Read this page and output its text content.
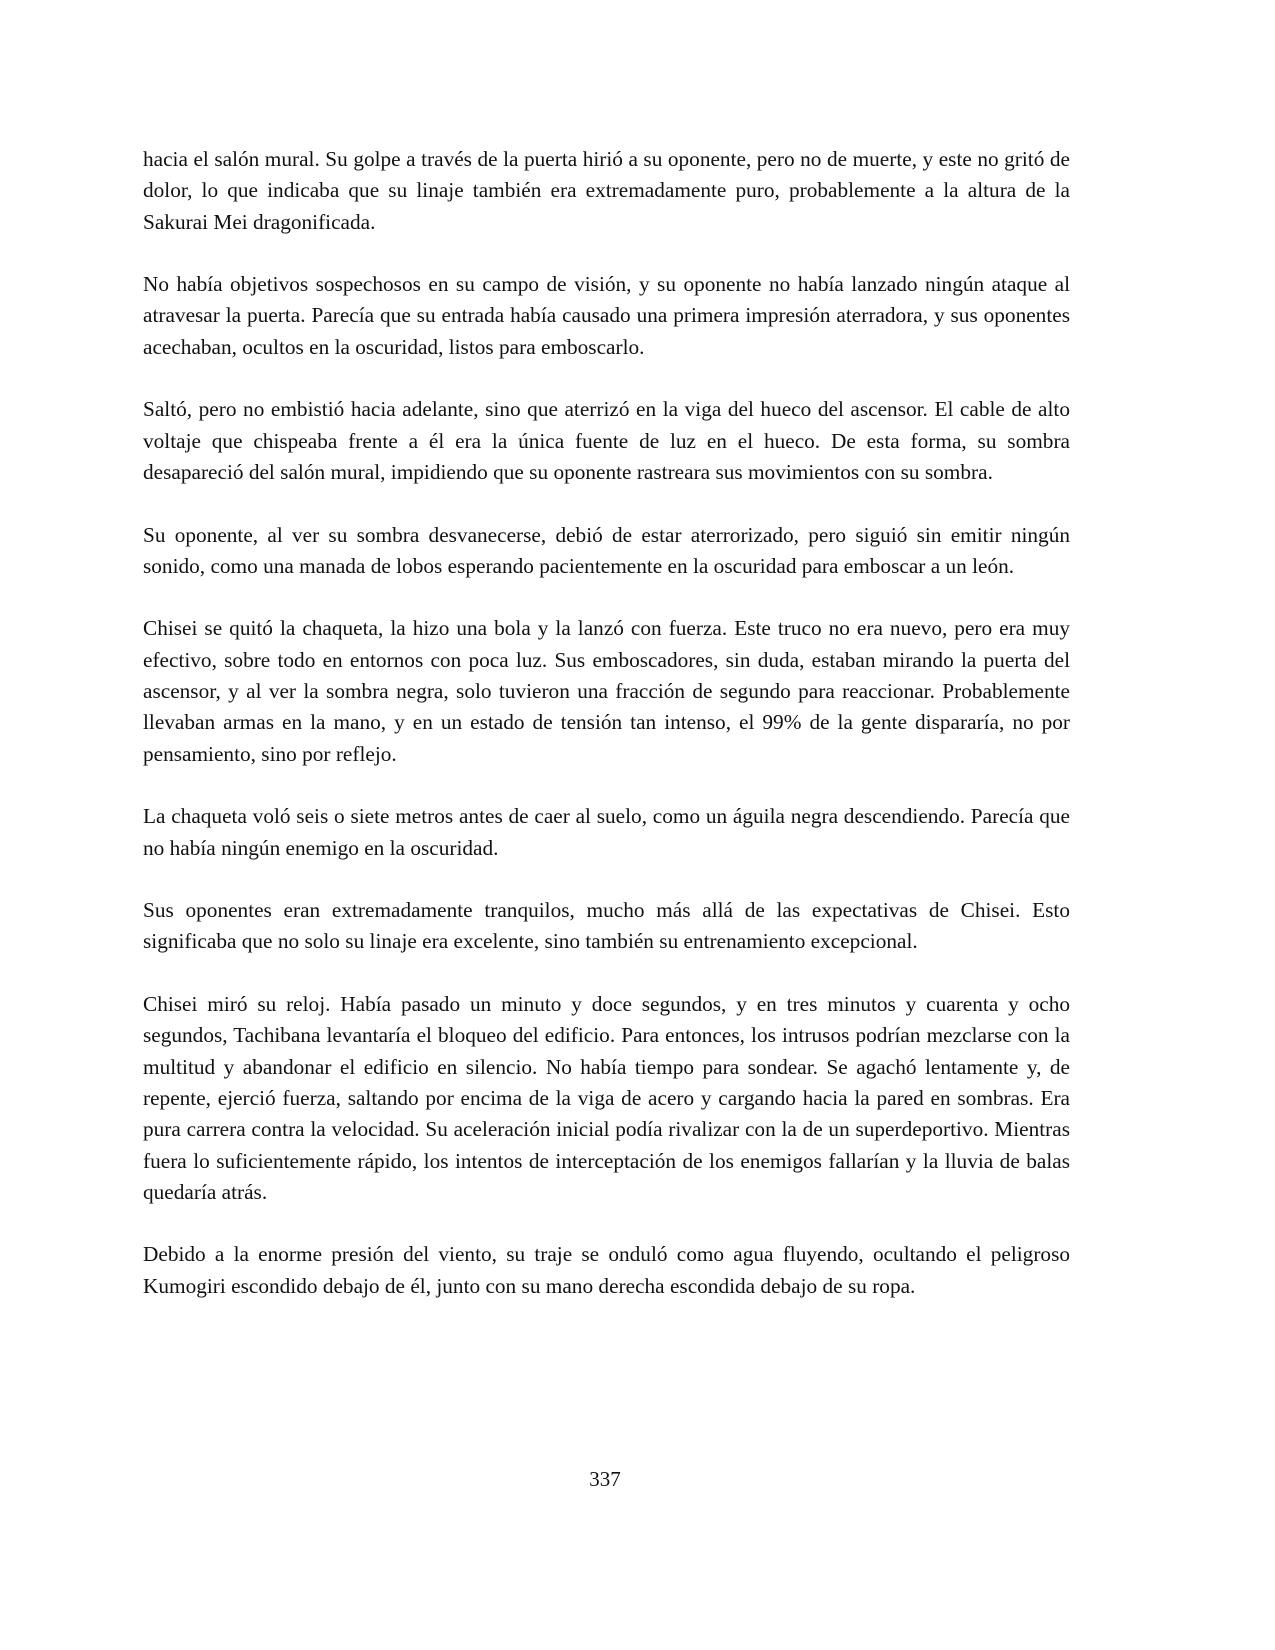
hacia el salón mural. Su golpe a través de la puerta hirió a su oponente, pero no de muerte, y este no gritó de dolor, lo que indicaba que su linaje también era extremadamente puro, probablemente a la altura de la Sakurai Mei dragonificada.

No había objetivos sospechosos en su campo de visión, y su oponente no había lanzado ningún ataque al atravesar la puerta. Parecía que su entrada había causado una primera impresión aterradora, y sus oponentes acechaban, ocultos en la oscuridad, listos para emboscarlo.

Saltó, pero no embistió hacia adelante, sino que aterrizó en la viga del hueco del ascensor. El cable de alto voltaje que chispeaba frente a él era la única fuente de luz en el hueco. De esta forma, su sombra desapareció del salón mural, impidiendo que su oponente rastreara sus movimientos con su sombra.

Su oponente, al ver su sombra desvanecerse, debió de estar aterrorizado, pero siguió sin emitir ningún sonido, como una manada de lobos esperando pacientemente en la oscuridad para emboscar a un león.

Chisei se quitó la chaqueta, la hizo una bola y la lanzó con fuerza. Este truco no era nuevo, pero era muy efectivo, sobre todo en entornos con poca luz. Sus emboscadores, sin duda, estaban mirando la puerta del ascensor, y al ver la sombra negra, solo tuvieron una fracción de segundo para reaccionar. Probablemente llevaban armas en la mano, y en un estado de tensión tan intenso, el 99% de la gente dispararía, no por pensamiento, sino por reflejo.

La chaqueta voló seis o siete metros antes de caer al suelo, como un águila negra descendiendo. Parecía que no había ningún enemigo en la oscuridad.

Sus oponentes eran extremadamente tranquilos, mucho más allá de las expectativas de Chisei. Esto significaba que no solo su linaje era excelente, sino también su entrenamiento excepcional.

Chisei miró su reloj. Había pasado un minuto y doce segundos, y en tres minutos y cuarenta y ocho segundos, Tachibana levantaría el bloqueo del edificio. Para entonces, los intrusos podrían mezclarse con la multitud y abandonar el edificio en silencio. No había tiempo para sondear. Se agachó lentamente y, de repente, ejerció fuerza, saltando por encima de la viga de acero y cargando hacia la pared en sombras. Era pura carrera contra la velocidad. Su aceleración inicial podía rivalizar con la de un superdeportivo. Mientras fuera lo suficientemente rápido, los intentos de interceptación de los enemigos fallarían y la lluvia de balas quedaría atrás.

Debido a la enorme presión del viento, su traje se onduló como agua fluyendo, ocultando el peligroso Kumogiri escondido debajo de él, junto con su mano derecha escondida debajo de su ropa.

337
